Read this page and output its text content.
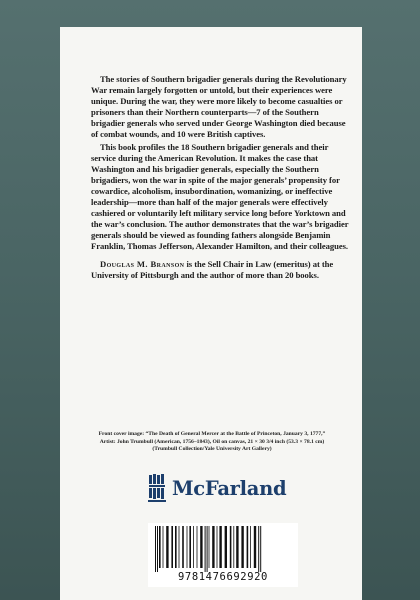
The stories of Southern brigadier generals during the Revolutionary War remain largely forgotten or untold, but their experiences were unique. During the war, they were more likely to become casualties or prisoners than their Northern counterparts—7 of the Southern brigadier generals who served under George Washington died because of combat wounds, and 10 were British captives.

This book profiles the 18 Southern brigadier generals and their service during the American Revolution. It makes the case that Washington and his brigadier generals, especially the Southern brigadiers, won the war in spite of the major generals’ propensity for cowardice, alcoholism, insubordination, womanizing, or ineffective leadership—more than half of the major generals were effectively cashiered or voluntarily left military service long before Yorktown and the war’s conclusion. The author demonstrates that the war’s brigadier generals should be viewed as founding fathers alongside Benjamin Franklin, Thomas Jefferson, Alexander Hamilton, and their colleagues.

Douglas M. Branson is the Sell Chair in Law (emeritus) at the University of Pittsburgh and the author of more than 20 books.

Front cover image: “The Death of General Mercer at the Battle of Princeton, January 3, 1777,” Artist: John Trumbull (American, 1756–1843), Oil on canvas, 21 × 30 3/4 inch (53.3 × 78.1 cm) (Trumbull Collection/Yale University Art Gallery)
McFarland
9781476692920
